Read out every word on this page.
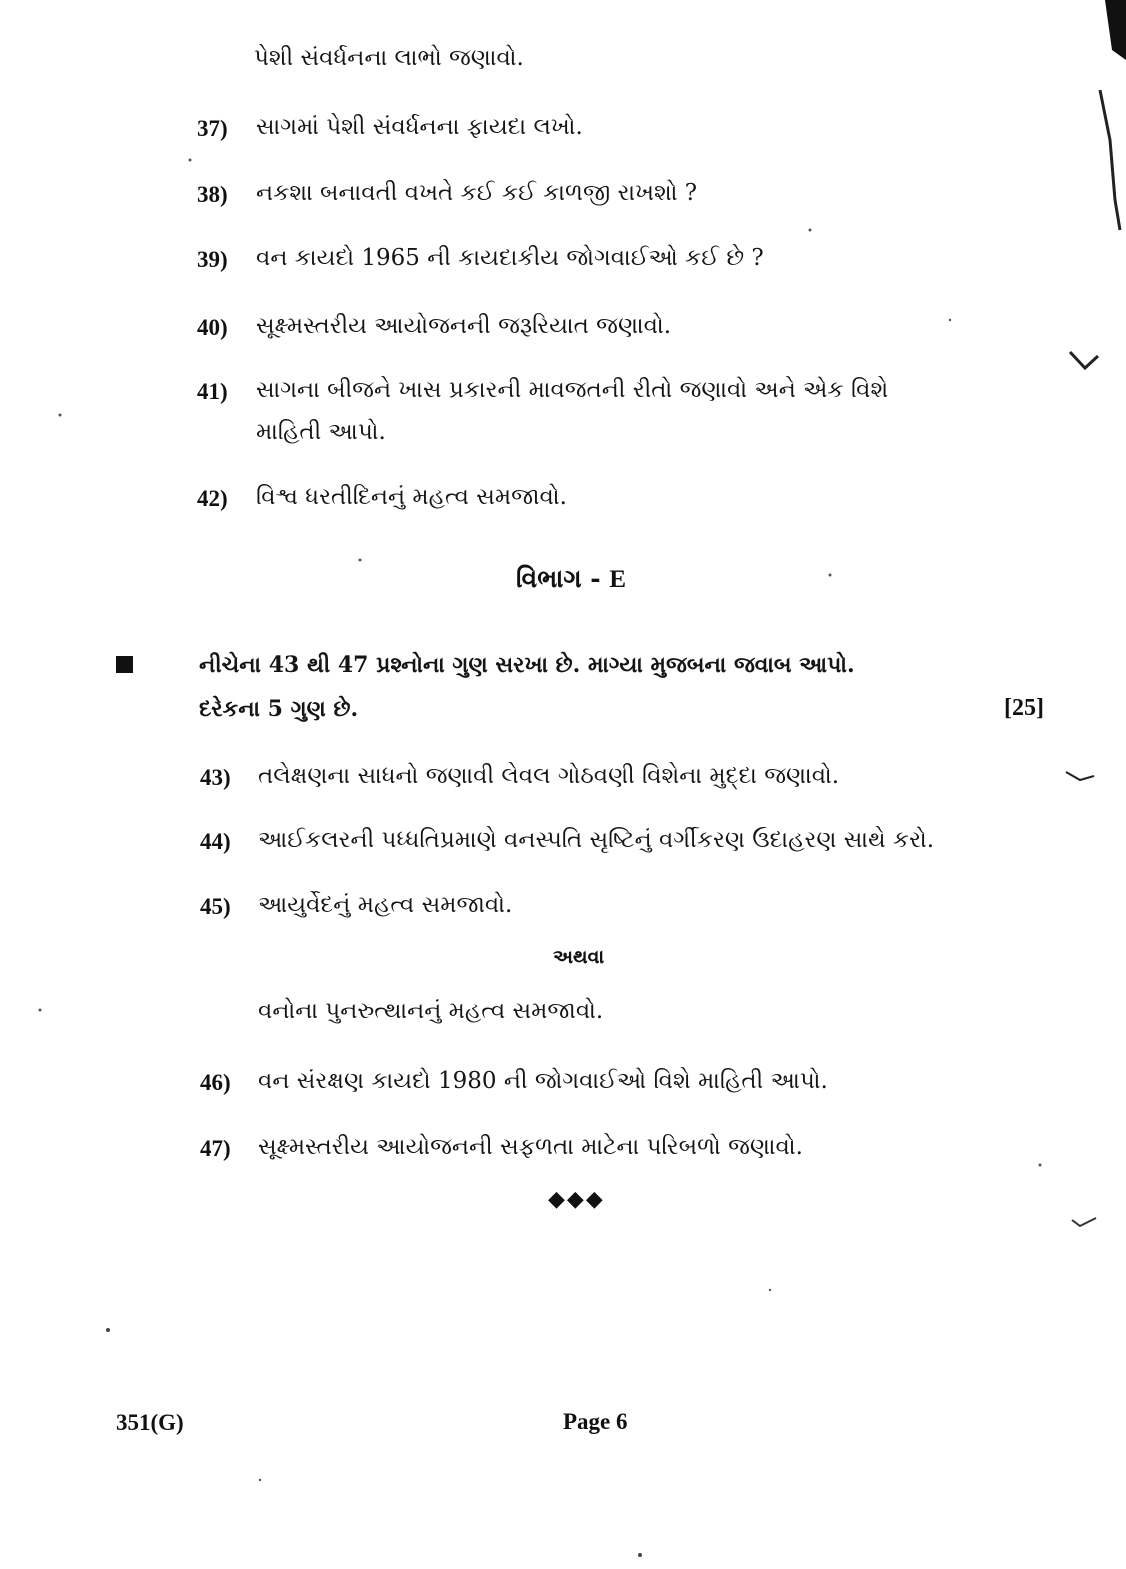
પેશી સંવર્ધનના લાભો જણાવો.
37) સાગમાં પેશી સંવર્ધનના ફાયદા લખો.
38) નકશા બનાવતી વખતે કઈ કઈ કાળજી રાખશો ?
39) વન કાયદો 1965 ની કાયદાકીય જોગવાઈઓ કઈ છે ?
40) સૂક્ષ્મસ્તરીય આયોજનની જરૂરિયાત જણાવો.
41) સાગના બીજને ખાસ પ્રકારની માવજતની રીતો જણાવો અને એક વિશે
માહિતી આપો.
42) વિશ્વ ધરતીદિનનું મહત્વ સમજાવો.
વિભાગ - E
નીચેના 43 થી 47 પ્રશ્નોના ગુણ સરખા છે. માગ્યા મુજબના જવાબ આપો.
દરેકના 5 ગુણ છે.	[25]
43) તલેક્ષણના સાધનો જણાવી લેવલ ગોઠવણી વિશેના મુદ્દા જણાવો.
44) આઈકલરની પધ્ધતિપ્રમાણે વનસ્પતિ સૃષ્ટિનું વર્ગીકરણ ઉદાહરણ સાથે કરો.
45) આયુર્વેદનું મહત્વ સમજાવો.
અથવા
વનોના પુનરુત્થાનનું મહત્વ સમજાવો.
46) વન સંરક્ષણ કાયદો 1980 ની જોગવાઈઓ વિશે માહિતી આપો.
47) સૂક્ષ્મસ્તરીય આયોજનની સફળતા માટેના પરિબળો જણાવો.
◆◆◆
351(G)	Page 6
